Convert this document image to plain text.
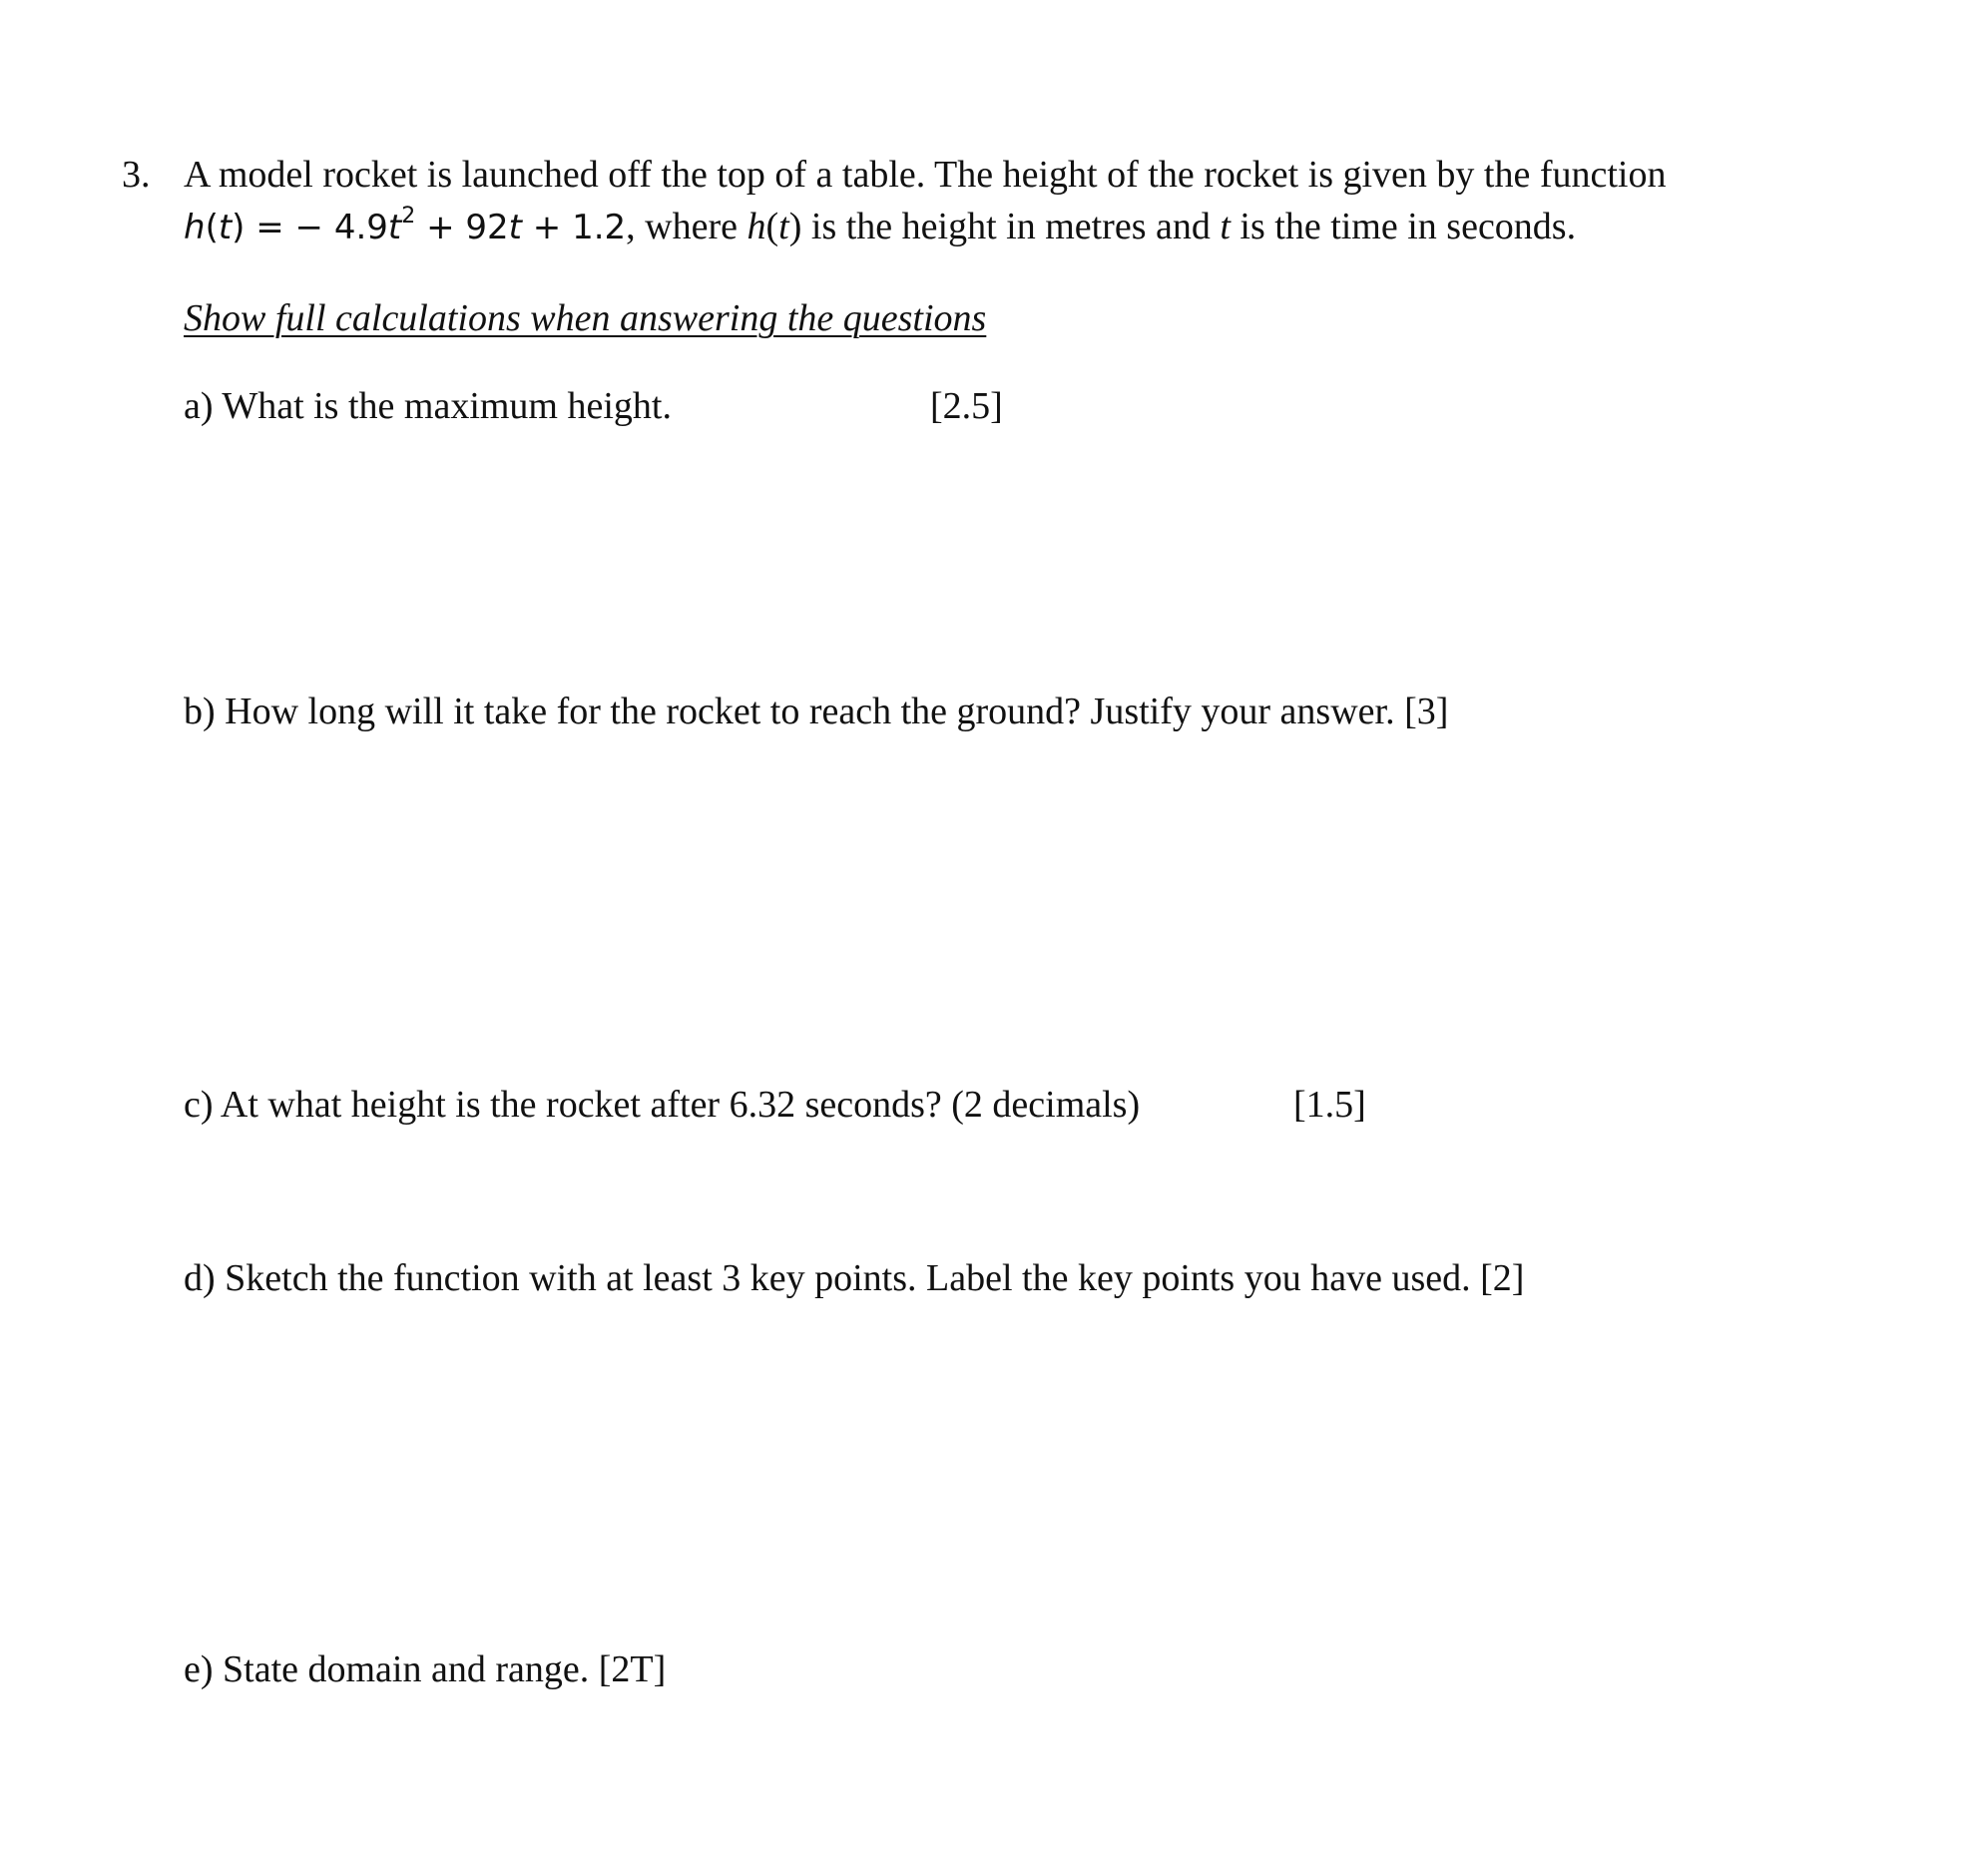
3. A model rocket is launched off the top of a table. The height of the rocket is given by the function
h(t) = − $4.9t^2 + 92t + 1.2$, where h(t) is the height in metres and t is the time in seconds.
Show full calculations when answering the questions
a) What is the maximum height.	[2.5]
b) How long will it take for the rocket to reach the ground? Justify your answer. [3]
c) At what height is the rocket after 6.32 seconds? (2 decimals)	[1.5]
d) Sketch the function with at least 3 key points. Label the key points you have used. [2]
e) State domain and range. [2T]
